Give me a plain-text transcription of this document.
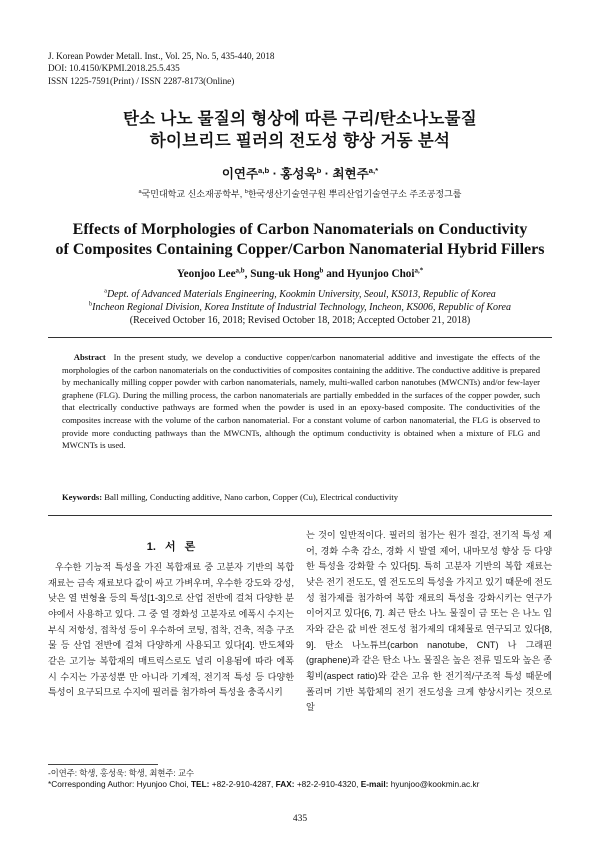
J. Korean Powder Metall. Inst., Vol. 25, No. 5, 435-440, 2018
DOI: 10.4150/KPMI.2018.25.5.435
ISSN 1225-7591(Print) / ISSN 2287-8173(Online)
탄소 나노 물질의 형상에 따른 구리/탄소나노물질
하이브리드 필러의 전도성 향상 거동 분석
이연주$^{a,b}$ · 홍성욱$^b$ · 최현주$^{a,*}$
$^a$국민대학교 신소재공학부, $^b$한국생산기술연구원 뿌리산업기술연구소 주조공정그룹
Effects of Morphologies of Carbon Nanomaterials on Conductivity
of Composites Containing Copper/Carbon Nanomaterial Hybrid Fillers
Yeonjoo Lee$^{a,b}$, Sung-uk Hong$^b$ and Hyunjoo Choi$^{a,*}$
$^a$Dept. of Advanced Materials Engineering, Kookmin University, Seoul, KS013, Republic of Korea
$^b$Incheon Regional Division, Korea Institute of Industrial Technology, Incheon, KS006, Republic of Korea
(Received October 16, 2018; Revised October 18, 2018; Accepted October 21, 2018)
Abstract In the present study, we develop a conductive copper/carbon nanomaterial additive and investigate the effects of the morphologies of the carbon nanomaterials on the conductivities of composites containing the additive. The conductive additive is prepared by mechanically milling copper powder with carbon nanomaterials, namely, multi-walled carbon nanotubes (MWCNTs) and/or few-layer graphene (FLG). During the milling process, the carbon nanomaterials are partially embedded in the surfaces of the copper powder, such that electrically conductive pathways are formed when the powder is used in an epoxy-based composite. The conductivities of the composites increase with the volume of the carbon nanomaterial. For a constant volume of carbon nanomaterial, the FLG is observed to provide more conducting pathways than the MWCNTs, although the optimum conductivity is obtained when a mixture of FLG and MWCNTs is used.
Keywords: Ball milling, Conducting additive, Nano carbon, Copper (Cu), Electrical conductivity
1. 서 론

우수한 기능적 특성을 가진 복합재료 중 고분자 기반의 복합 재료는 금속 재료보다 값이 싸고 가벼우며, 우수한 강도와 강성, 낮은 열 변형율 등의 특성[1-3]으로 산업 전반에 걸쳐 다양한 분야에서 사용하고 있다. 그 중 열 경화성 고분자로 에폭시 수지는 부식 저항성, 접착성 등이 우수하여 코팅, 접착, 건축, 적층 구조물 등 산업 전반에 걸쳐 다양하게 사용되고 있다[4]. 반도체와 같은 고기능 복합재의 매트릭스로도 널리 이용됨에 따라 에폭시 수지는 가공성뿐 만 아니라 기계적, 전기적 특성 등 다양한 특성이 요구되므로 수지에 필러를 첨가하여 특성을 충족시키

는 것이 일반적이다. 필러의 첨가는 원가 절감, 전기적 특성 제어, 경화 수축 감소, 경화 시 발열 제어, 내마모성 향상 등 다양한 특성을 강화할 수 있다[5]. 특히 고분자 기반의 복합 재료는 낮은 전기 전도도, 열 전도도의 특성을 가지고 있기 때문에 전도성 첨가제를 첨가하여 복합 재료의 특성을 강화시키는 연구가 이어지고 있다[6, 7]. 최근 탄소 나노 물질이 금 또는 은 나노 입자와 같은 값 비싼 전도성 첨가제의 대체물로 연구되고 있다[8, 9]. 탄소 나노튜브(carbon nanotube, CNT) 나 그래핀(graphene)과 같은 탄소 나노 물질은 높은 전류 밀도와 높은 종횡비(aspect ratio)와 같은 고유 한 전기적/구조적 특성 때문에 폴리머 기반 복합체의 전기 전도성을 크게 향상시키는 것으로 알

-이연주: 학생, 홍성욱: 학생, 최현주: 교수
*Corresponding Author: Hyunjoo Choi, TEL: +82-2-910-4287, FAX: +82-2-910-4320, E-mail: hyunjoo@kookmin.ac.kr
435
